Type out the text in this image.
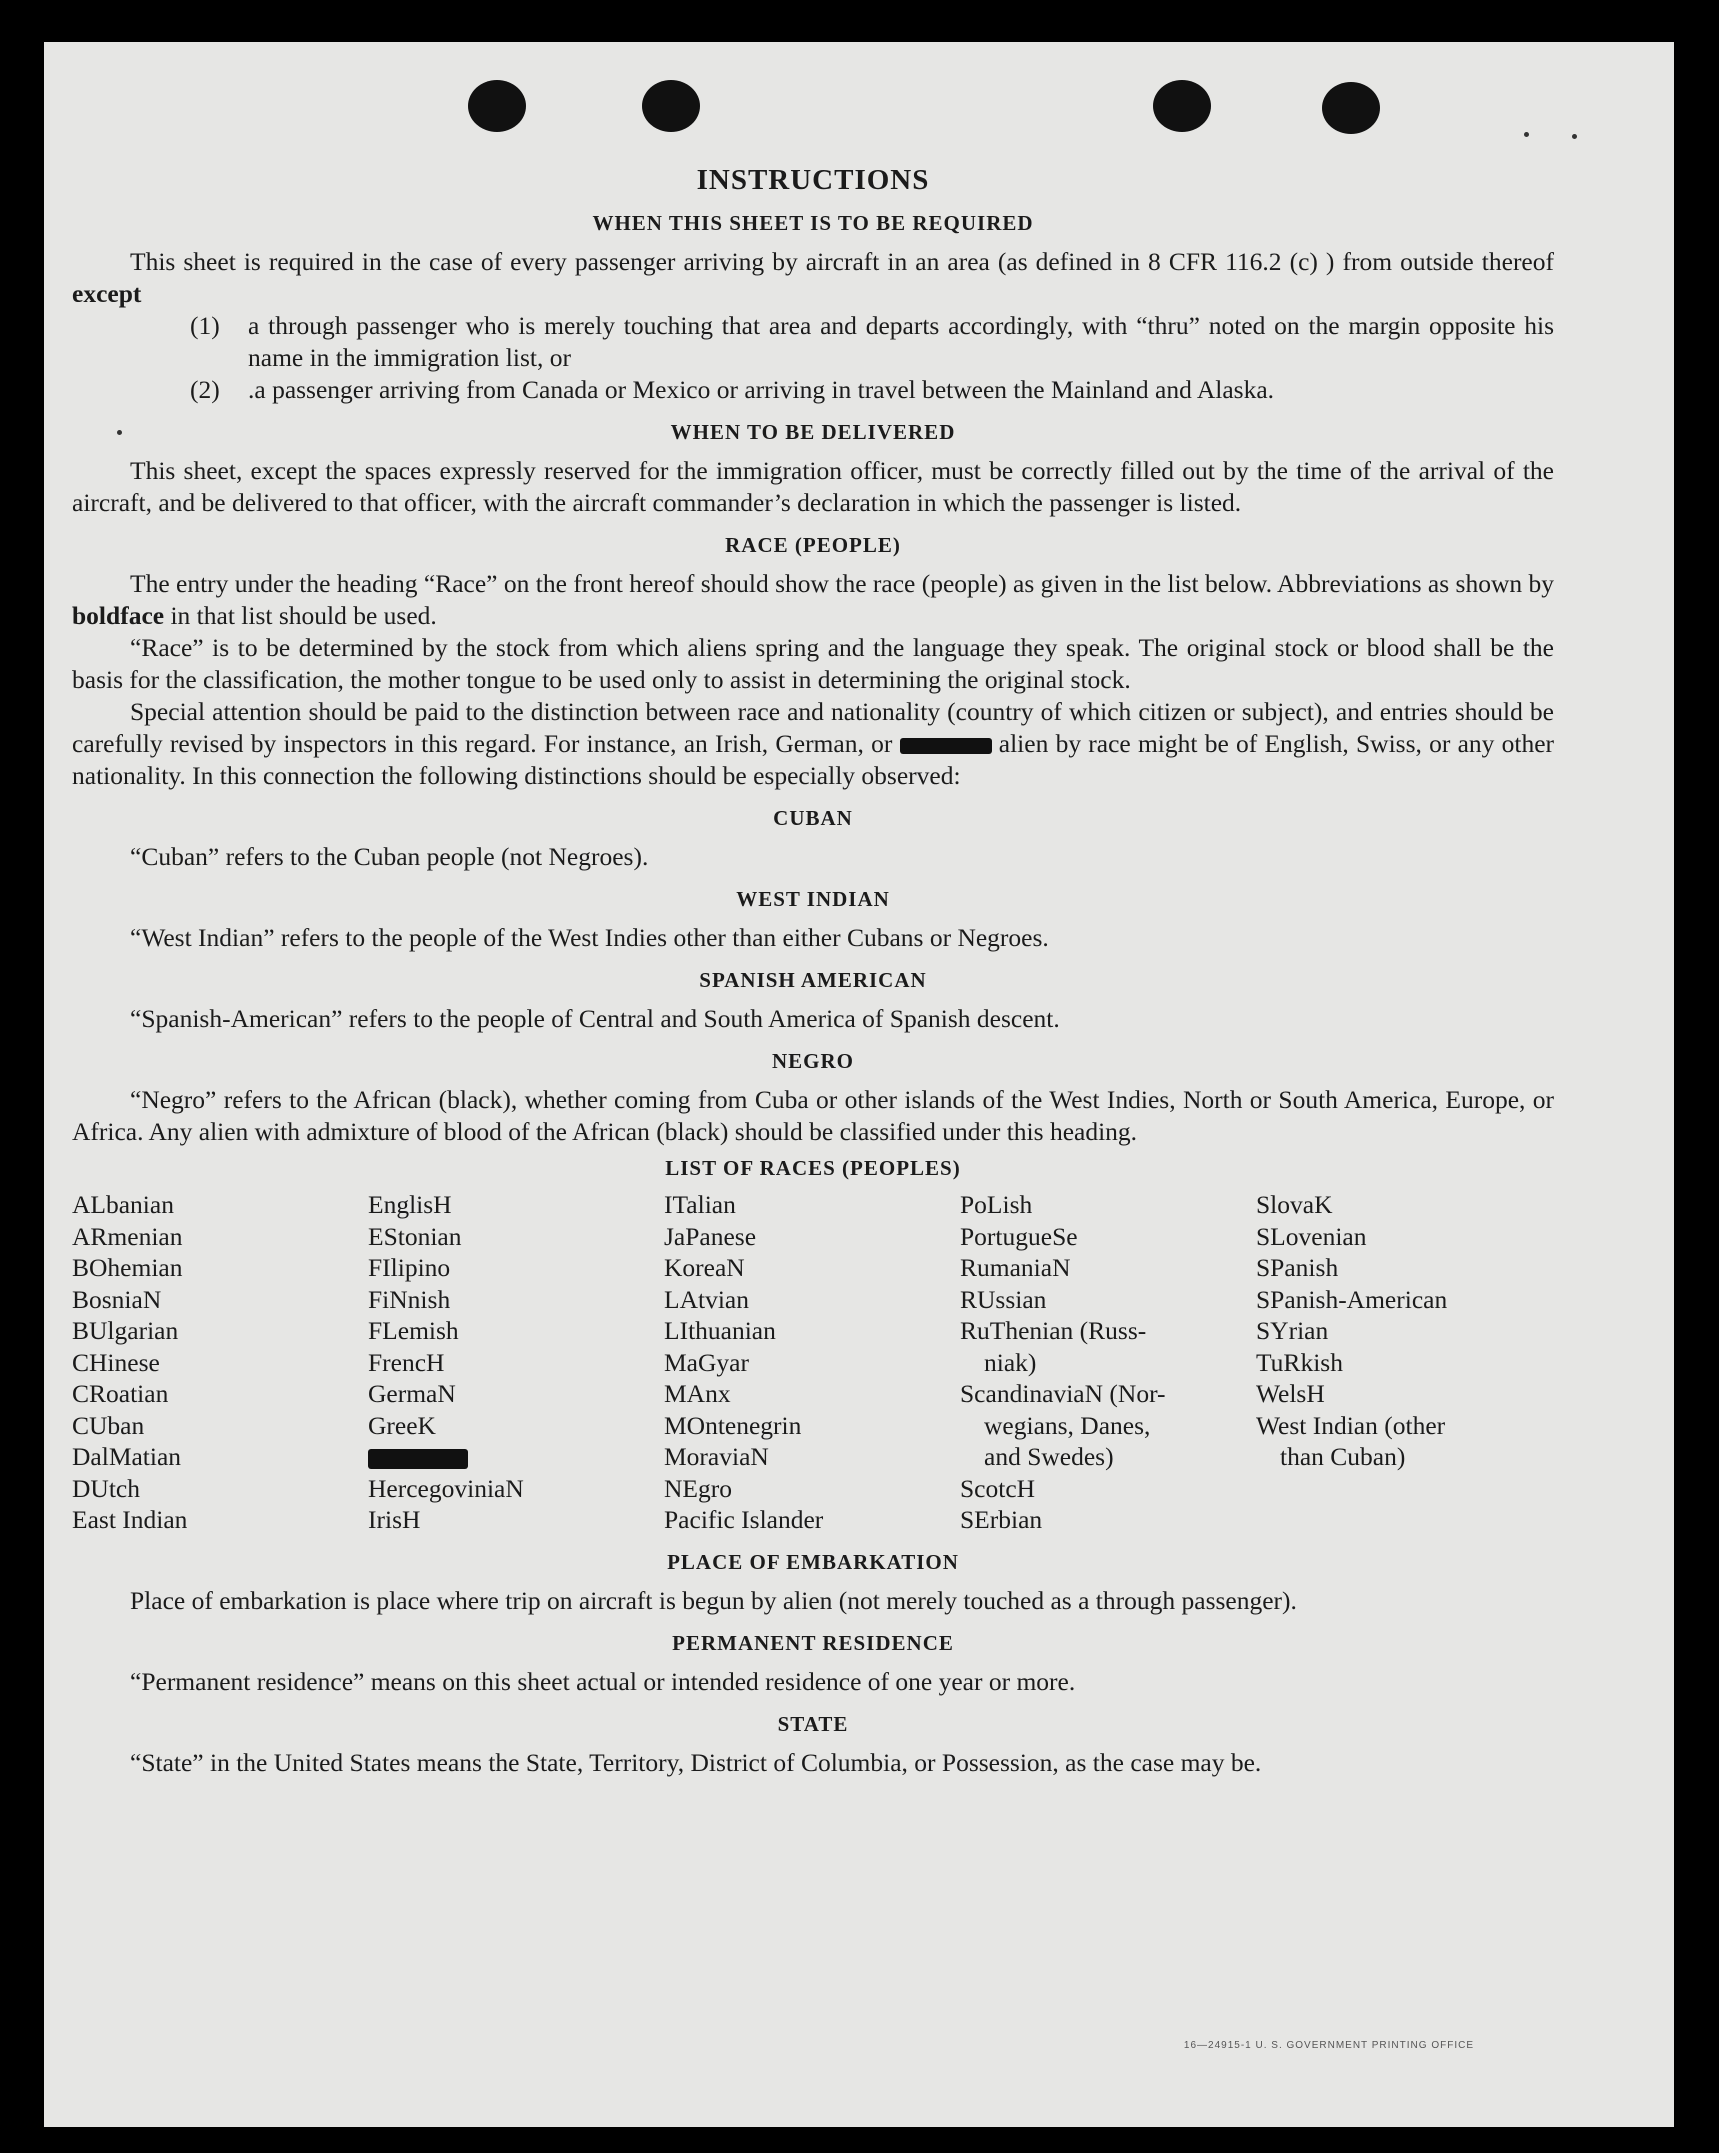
INSTRUCTIONS
WHEN THIS SHEET IS TO BE REQUIRED

This sheet is required in the case of every passenger arriving by aircraft in an area (as defined in 8 CFR 116.2 (c) ) from outside thereof except

(1)	a through passenger who is merely touching that area and departs accordingly, with “thru” noted on the margin opposite his name in the immigration list, or
(2)	.a passenger arriving from Canada or Mexico or arriving in travel between the Mainland and Alaska.
WHEN TO BE DELIVERED

This sheet, except the spaces expressly reserved for the immigration officer, must be correctly filled out by the time of the arrival of the aircraft, and be delivered to that officer, with the aircraft commander’s declaration in which the passenger is listed.

RACE (PEOPLE)

The entry under the heading “Race” on the front hereof should show the race (people) as given in the list below. Abbreviations as shown by boldface in that list should be used.

“Race” is to be determined by the stock from which aliens spring and the language they speak. The original stock or blood shall be the basis for the classification, the mother tongue to be used only to assist in determining the original stock.

Special attention should be paid to the distinction between race and nationality (country of which citizen or subject), and entries should be carefully revised by inspectors in this regard. For instance, an Irish, German, or	alien by race might be of English, Swiss, or any other nationality. In this connection the following distinctions should be especially observed:

CUBAN

“Cuban” refers to the Cuban people (not Negroes).

WEST INDIAN

“West Indian” refers to the people of the West Indies other than either Cubans or Negroes.

SPANISH AMERICAN

“Spanish-American” refers to the people of Central and South America of Spanish descent.

NEGRO

“Negro” refers to the African (black), whether coming from Cuba or other islands of the West Indies, North or South America, Europe, or Africa. Any alien with admixture of blood of the African (black) should be classified under this heading.

LIST OF RACES (PEOPLES)
ALbanian
ARmenian
BOhemian
BosniaN
BUlgarian
CHinese
CRoatian
CUban
DalMatian
DUtch
East Indian
EnglisH
EStonian
FIlipino
FiNnish
FLemish
FrencH
GermaN
GreeK
HercegoviniaN
IrisH
ITalian
JaPanese
KoreaN
LAtvian
LIthuanian
MaGyar
MAnx
MOntenegrin
MoraviaN
NEgro
Pacific Islander
PoLish
PortugueSe
RumaniaN
RUssian
RuThenian (Russ-
niak)
ScandinaviaN (Nor-
wegians, Danes,
and Swedes)
ScotcH
SErbian
SlovaK
SLovenian
SPanish
SPanish-American
SYrian
TuRkish
WelsH
West Indian (other
than Cuban)
PLACE OF EMBARKATION

Place of embarkation is place where trip on aircraft is begun by alien (not merely touched as a through passenger).

PERMANENT RESIDENCE

“Permanent residence” means on this sheet actual or intended residence of one year or more.

STATE

“State” in the United States means the State, Territory, District of Columbia, or Possession, as the case may be.

16—24915-1 U. S. GOVERNMENT PRINTING OFFICE
